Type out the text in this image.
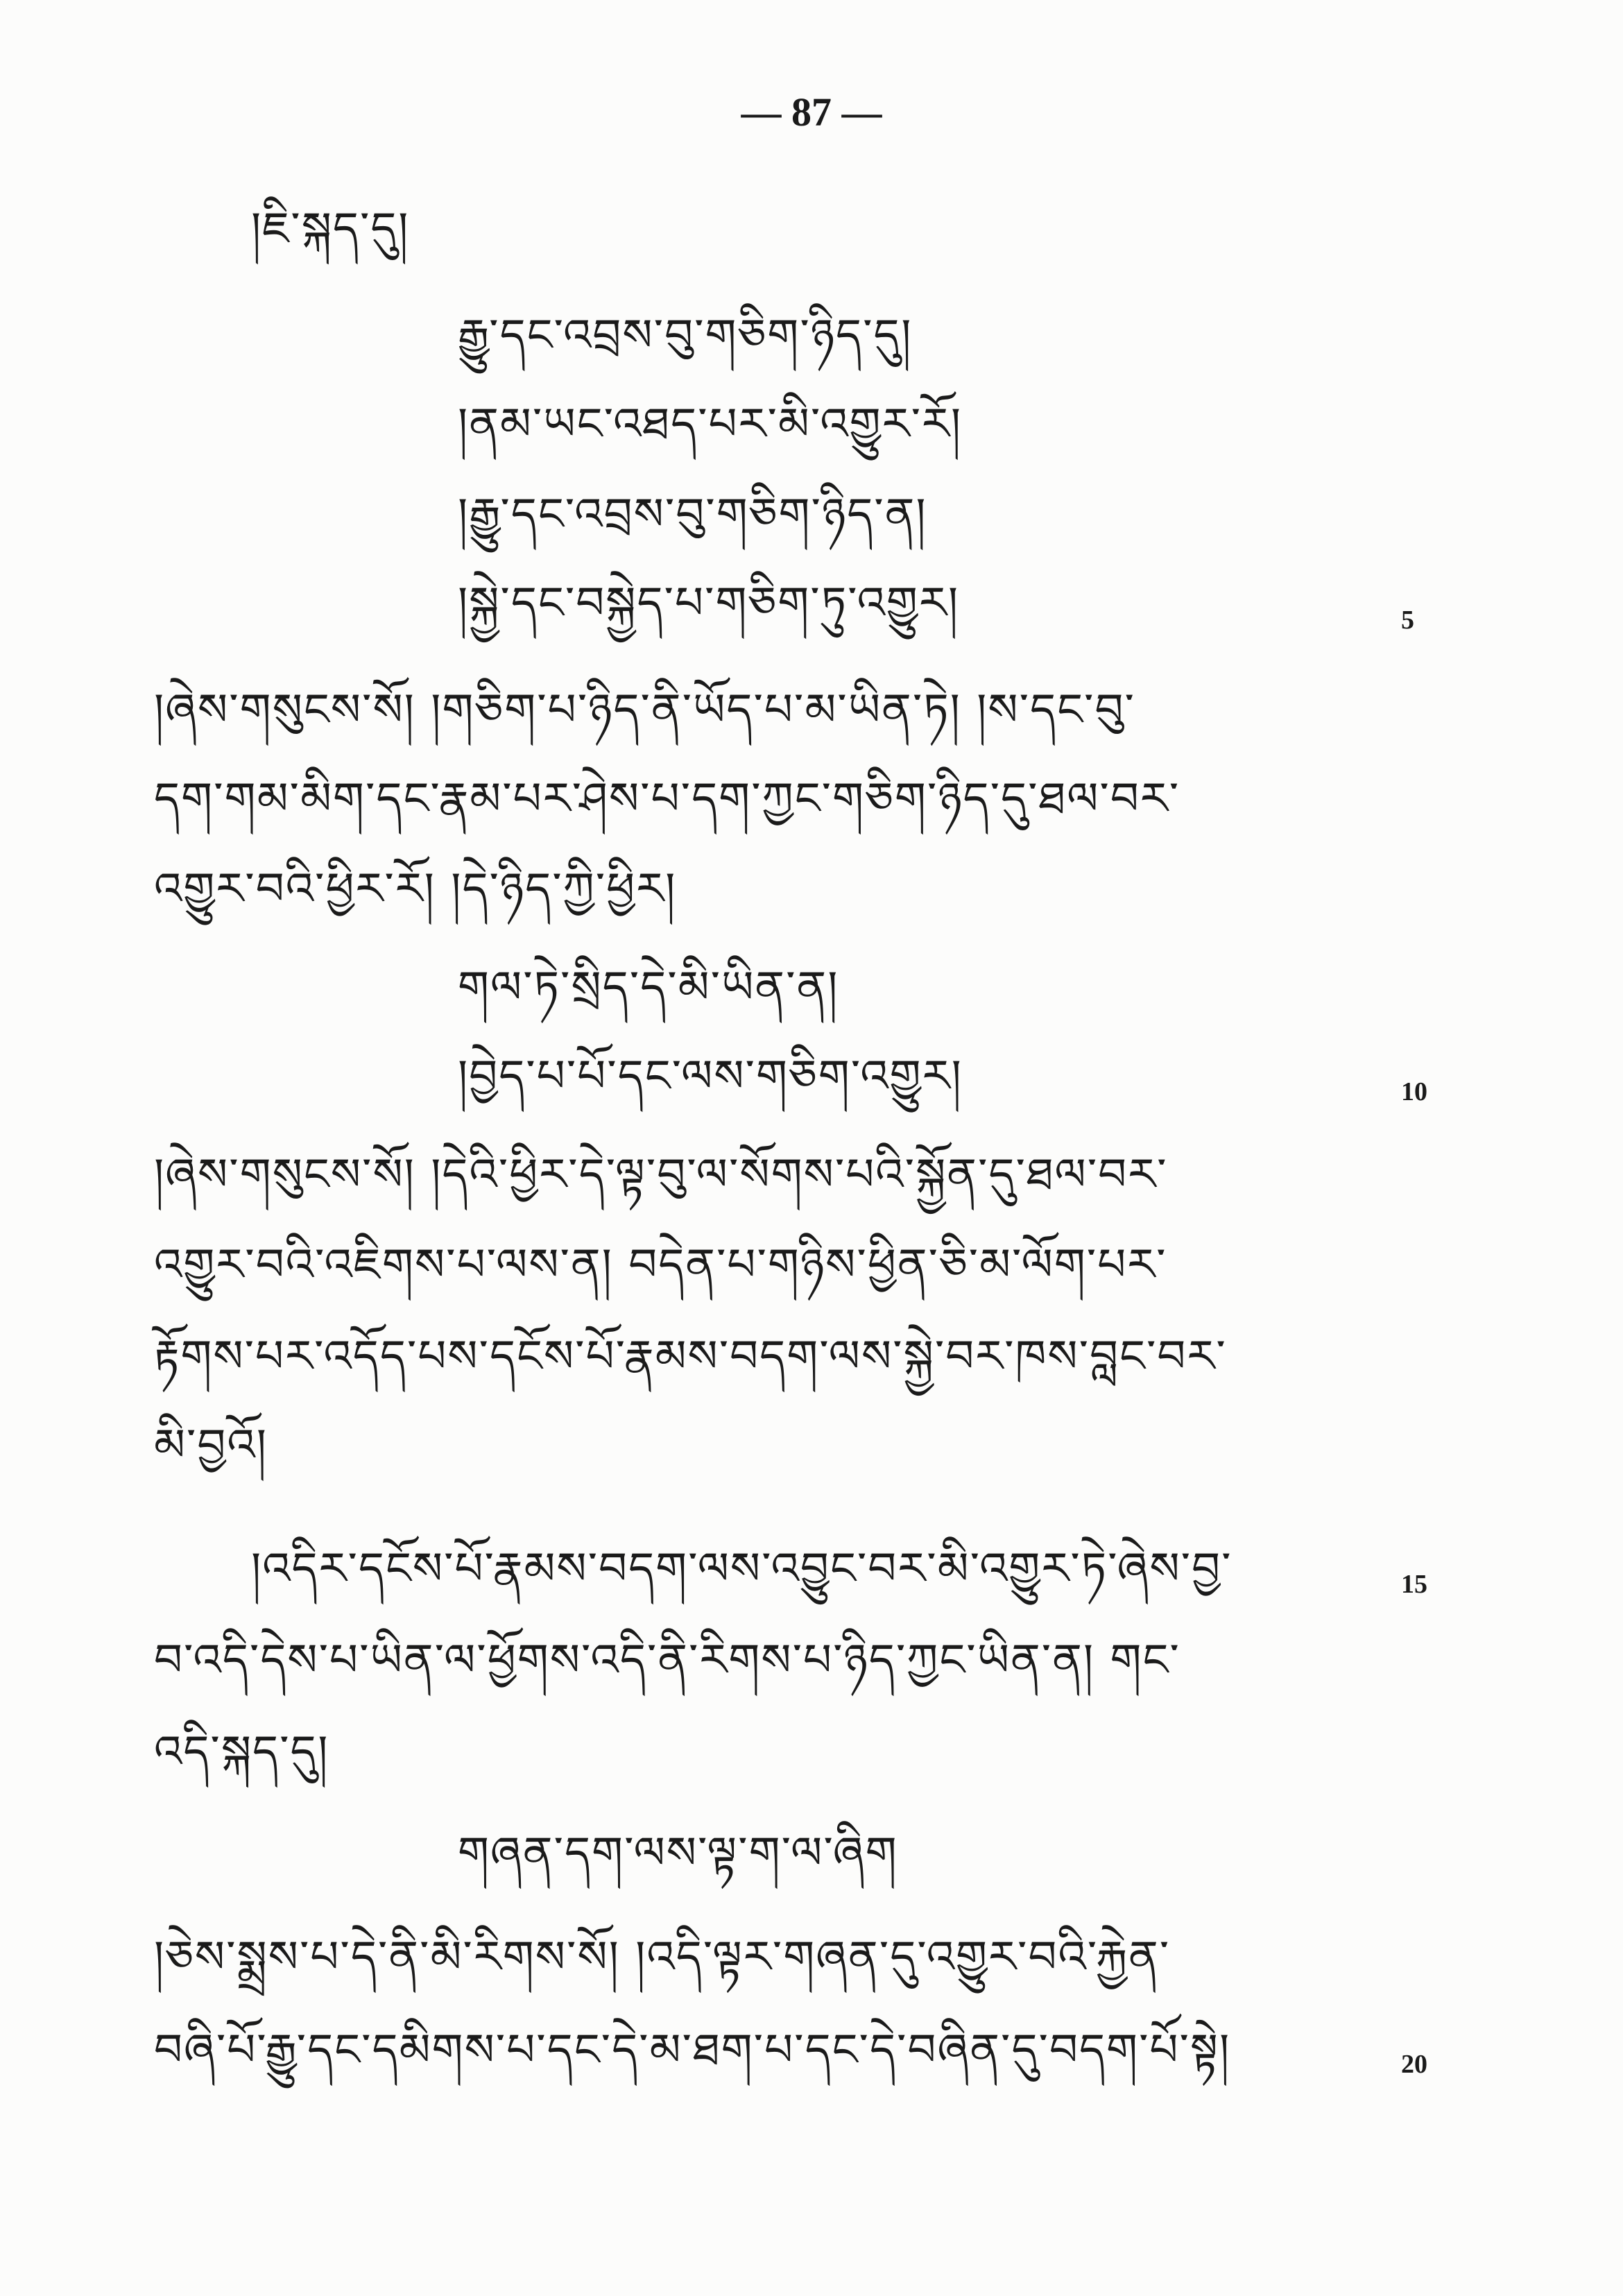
— 87 —
།ཇི་སྐད་དུ།
རྒྱུ་དང་འབྲས་བུ་གཅིག་ཉིད་དུ།
།ནམ་ཡང་འཐད་པར་མི་འགྱུར་རོ།
།རྒྱུ་དང་འབྲས་བུ་གཅིག་ཉིད་ན།
།སྐྱེ་དང་བསྐྱེད་པ་གཅིག་ཏུ་འགྱུར།
།ཞེས་གསུངས་སོ། །གཅིག་པ་ཉིད་ནི་ཡོད་པ་མ་ཡིན་ཏེ། །ས་དང་བུ་
དག་གམ་མིག་དང་རྣམ་པར་ཤེས་པ་དག་ཀྱང་གཅིག་ཉིད་དུ་ཐལ་བར་
འགྱུར་བའི་ཕྱིར་རོ། །དེ་ཉིད་ཀྱི་ཕྱིར།
གལ་ཏེ་སྲིད་དེ་མི་ཡིན་ན།
།བྱེད་པ་པོ་དང་ལས་གཅིག་འགྱུར།
།ཞེས་གསུངས་སོ། །དེའི་ཕྱིར་དེ་ལྟ་བུ་ལ་སོགས་པའི་སྐྱོན་དུ་ཐལ་བར་
འགྱུར་བའི་འཇིགས་པ་ལས་ན། བདེན་པ་གཉིས་ཕྱིན་ཅི་མ་ལོག་པར་
རྟོགས་པར་འདོད་པས་དངོས་པོ་རྣམས་བདག་ལས་སྐྱེ་བར་ཁས་བླང་བར་
མི་བྱའོ།
།འདིར་དངོས་པོ་རྣམས་བདག་ལས་འབྱུང་བར་མི་འགྱུར་ཏེ་ཞེས་བྱ་
བ་འདི་དེས་པ་ཡིན་ལ་ཕྱོགས་འདི་ནི་རིགས་པ་ཉིད་ཀྱང་ཡིན་ན། གང་
འདི་སྐད་དུ།
གཞན་དག་ལས་ལྟ་ག་ལ་ཞིག
།ཅེས་སྨྲས་པ་དེ་ནི་མི་རིགས་སོ། །འདི་ལྟར་གཞན་དུ་འགྱུར་བའི་རྐྱེན་
བཞི་པོ་རྒྱུ་དང་དམིགས་པ་དང་དེ་མ་ཐག་པ་དང་དེ་བཞིན་དུ་བདག་པོ་སྟེ།
5
10
15
20
